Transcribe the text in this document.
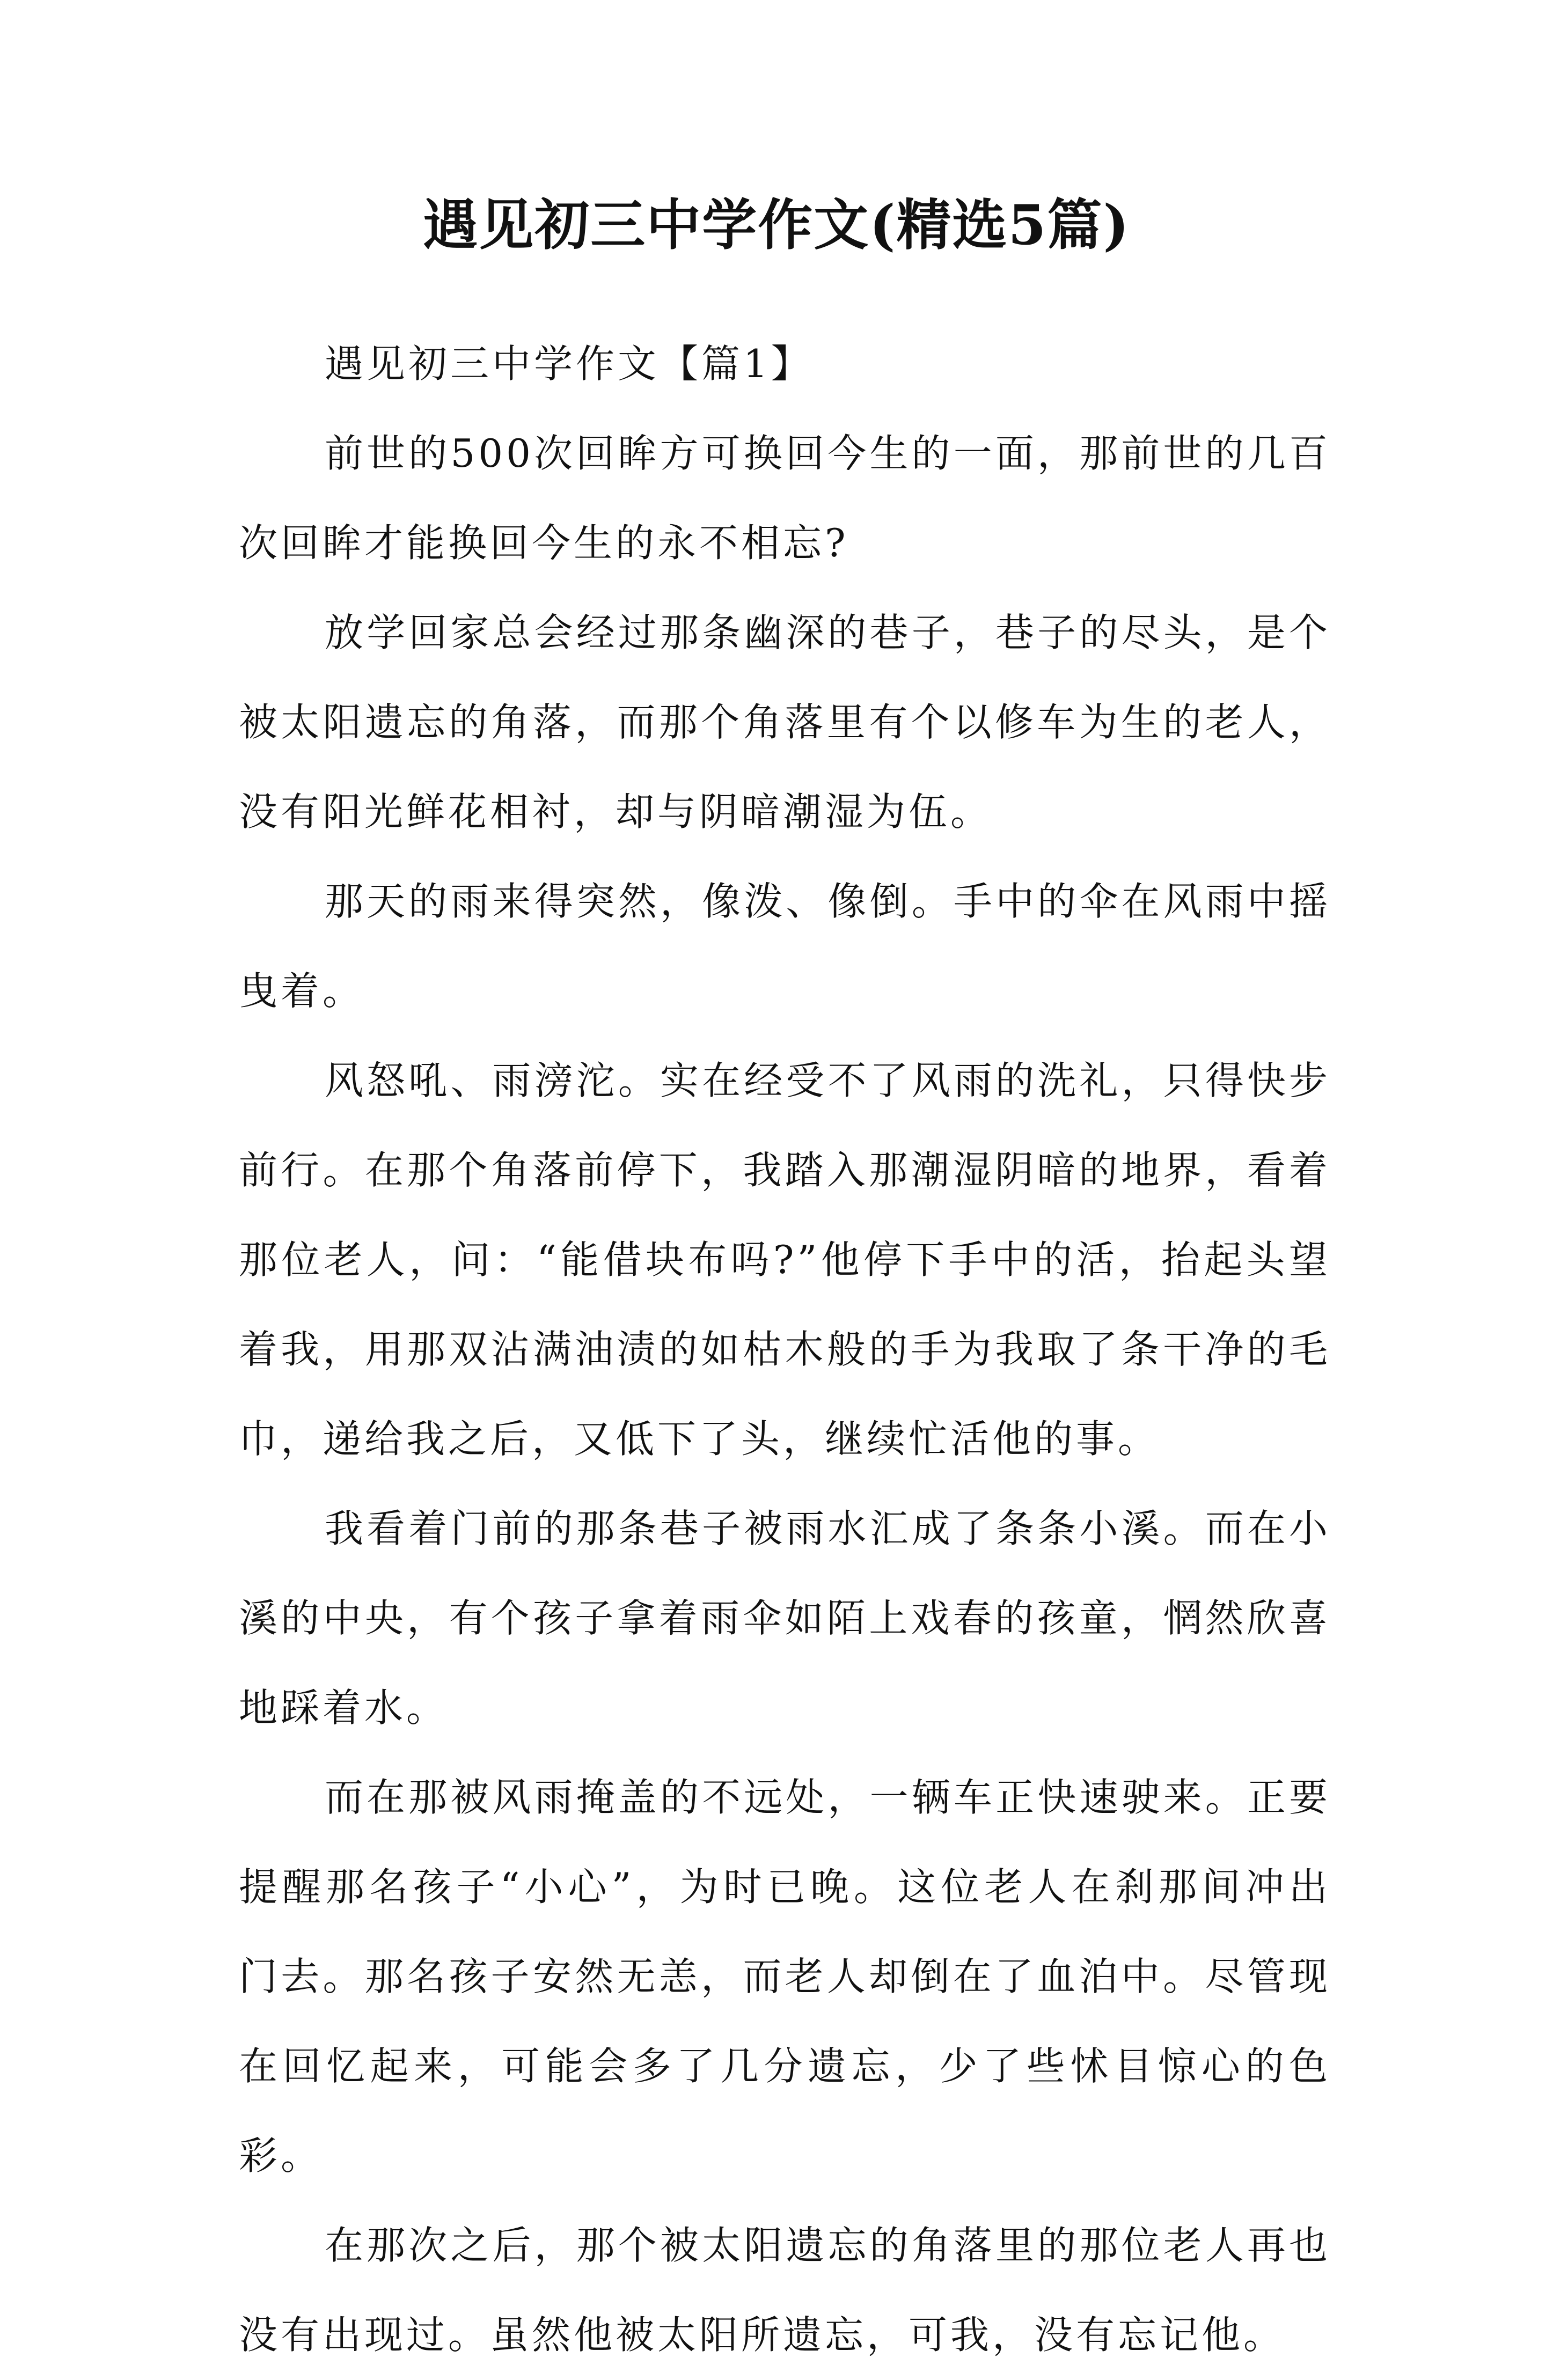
遇见初三中学作文(精选5篇)

遇见初三中学作文【篇1】

前世的500次回眸方可换回今生的一面，那前世的几百次回眸才能换回今生的永不相忘?

放学回家总会经过那条幽深的巷子，巷子的尽头，是个被太阳遗忘的角落，而那个角落里有个以修车为生的老人，没有阳光鲜花相衬，却与阴暗潮湿为伍。

那天的雨来得突然，像泼、像倒。手中的伞在风雨中摇曳着。

风怒吼、雨滂沱。实在经受不了风雨的洗礼，只得快步前行。在那个角落前停下，我踏入那潮湿阴暗的地界，看着那位老人，问：“能借块布吗?”他停下手中的活，抬起头望着我，用那双沾满油渍的如枯木般的手为我取了条干净的毛巾，递给我之后，又低下了头，继续忙活他的事。

我看着门前的那条巷子被雨水汇成了条条小溪。而在小溪的中央，有个孩子拿着雨伞如陌上戏春的孩童，惘然欣喜地踩着水。

而在那被风雨掩盖的不远处，一辆车正快速驶来。正要提醒那名孩子“小心”，为时已晚。这位老人在刹那间冲出门去。那名孩子安然无恙，而老人却倒在了血泊中。尽管现在回忆起来，可能会多了几分遗忘，少了些怵目惊心的色彩。

在那次之后，那个被太阳遗忘的角落里的那位老人再也没有出现过。虽然他被太阳所遗忘，可我，没有忘记他。
